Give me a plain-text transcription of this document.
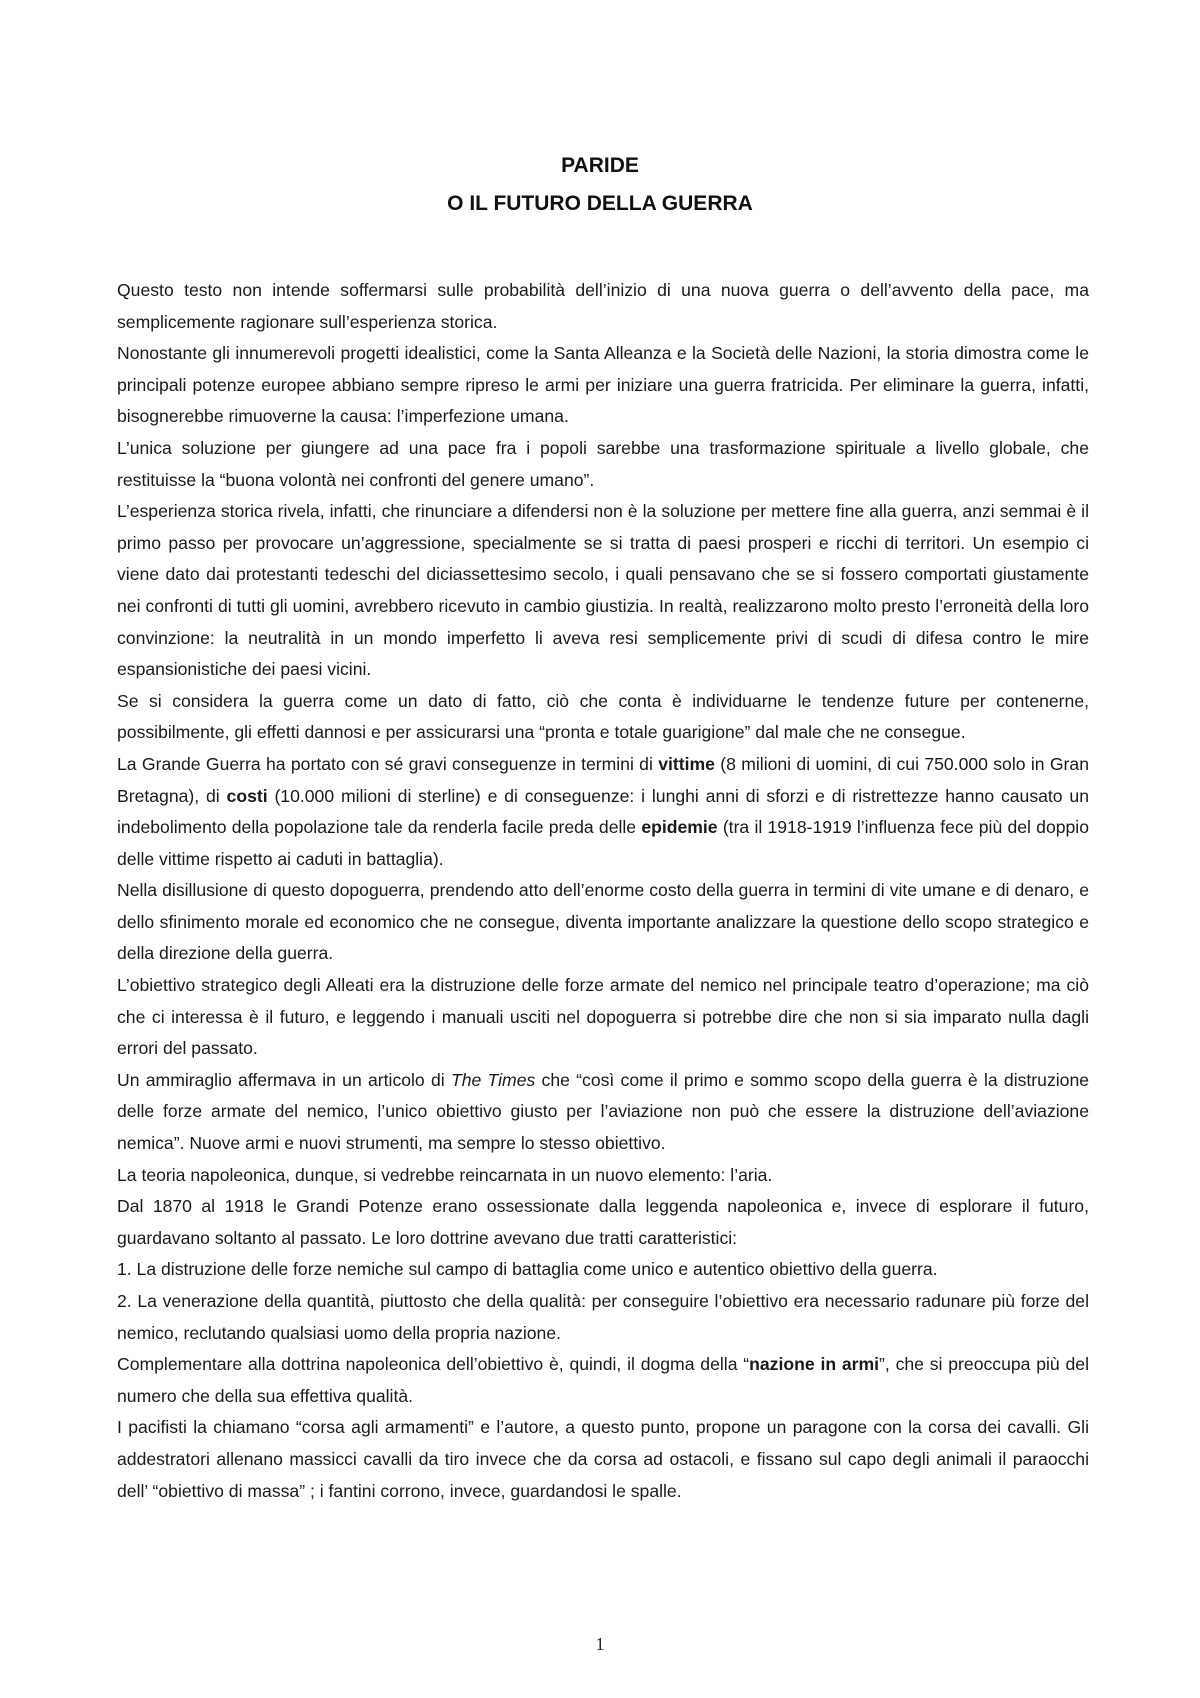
PARIDE
O IL FUTURO DELLA GUERRA

Questo testo non intende soffermarsi sulle probabilità dell’inizio di una nuova guerra o dell’avvento della pace, ma semplicemente ragionare sull’esperienza storica.

Nonostante gli innumerevoli progetti idealistici, come la Santa Alleanza e la Società delle Nazioni, la storia dimostra come le principali potenze europee abbiano sempre ripreso le armi per iniziare una guerra fratricida. Per eliminare la guerra, infatti, bisognerebbe rimuoverne la causa: l’imperfezione umana.

L’unica soluzione per giungere ad una pace fra i popoli sarebbe una trasformazione spirituale a livello globale, che restituisse la “buona volontà nei confronti del genere umano”.

L’esperienza storica rivela, infatti, che rinunciare a difendersi non è la soluzione per mettere fine alla guerra, anzi semmai è il primo passo per provocare un’aggressione, specialmente se si tratta di paesi prosperi e ricchi di territori. Un esempio ci viene dato dai protestanti tedeschi del diciassettesimo secolo, i quali pensavano che se si fossero comportati giustamente nei confronti di tutti gli uomini, avrebbero ricevuto in cambio giustizia. In realtà, realizzarono molto presto l’erroneità della loro convinzione: la neutralità in un mondo imperfetto li aveva resi semplicemente privi di scudi di difesa contro le mire espansionistiche dei paesi vicini.

Se si considera la guerra come un dato di fatto, ciò che conta è individuarne le tendenze future per contenerne, possibilmente, gli effetti dannosi e per assicurarsi una “pronta e totale guarigione” dal male che ne consegue.

La Grande Guerra ha portato con sé gravi conseguenze in termini di vittime (8 milioni di uomini, di cui 750.000 solo in Gran Bretagna), di costi (10.000 milioni di sterline) e di conseguenze: i lunghi anni di sforzi e di ristrettezze hanno causato un indebolimento della popolazione tale da renderla facile preda delle epidemie (tra il 1918-1919 l’influenza fece più del doppio delle vittime rispetto ai caduti in battaglia).

Nella disillusione di questo dopoguerra, prendendo atto dell’enorme costo della guerra in termini di vite umane e di denaro, e dello sfinimento morale ed economico che ne consegue, diventa importante analizzare la questione dello scopo strategico e della direzione della guerra.

L’obiettivo strategico degli Alleati era la distruzione delle forze armate del nemico nel principale teatro d’operazione; ma ciò che ci interessa è il futuro, e leggendo i manuali usciti nel dopoguerra si potrebbe dire che non si sia imparato nulla dagli errori del passato.

Un ammiraglio affermava in un articolo di The Times che “così come il primo e sommo scopo della guerra è la distruzione delle forze armate del nemico, l’unico obiettivo giusto per l’aviazione non può che essere la distruzione dell’aviazione nemica”. Nuove armi e nuovi strumenti, ma sempre lo stesso obiettivo.

La teoria napoleonica, dunque, si vedrebbe reincarnata in un nuovo elemento: l’aria.

Dal 1870 al 1918 le Grandi Potenze erano ossessionate dalla leggenda napoleonica e, invece di esplorare il futuro, guardavano soltanto al passato. Le loro dottrine avevano due tratti caratteristici:

1. La distruzione delle forze nemiche sul campo di battaglia come unico e autentico obiettivo della guerra.

2. La venerazione della quantità, piuttosto che della qualità: per conseguire l’obiettivo era necessario radunare più forze del nemico, reclutando qualsiasi uomo della propria nazione.

Complementare alla dottrina napoleonica dell’obiettivo è, quindi, il dogma della “nazione in armi”, che si preoccupa più del numero che della sua effettiva qualità.

I pacifisti la chiamano “corsa agli armamenti” e l’autore, a questo punto, propone un paragone con la corsa dei cavalli. Gli addestratori allenano massicci cavalli da tiro invece che da corsa ad ostacoli, e fissano sul capo degli animali il paraocchi dell’ “obiettivo di massa” ; i fantini corrono, invece, guardandosi le spalle.

1
